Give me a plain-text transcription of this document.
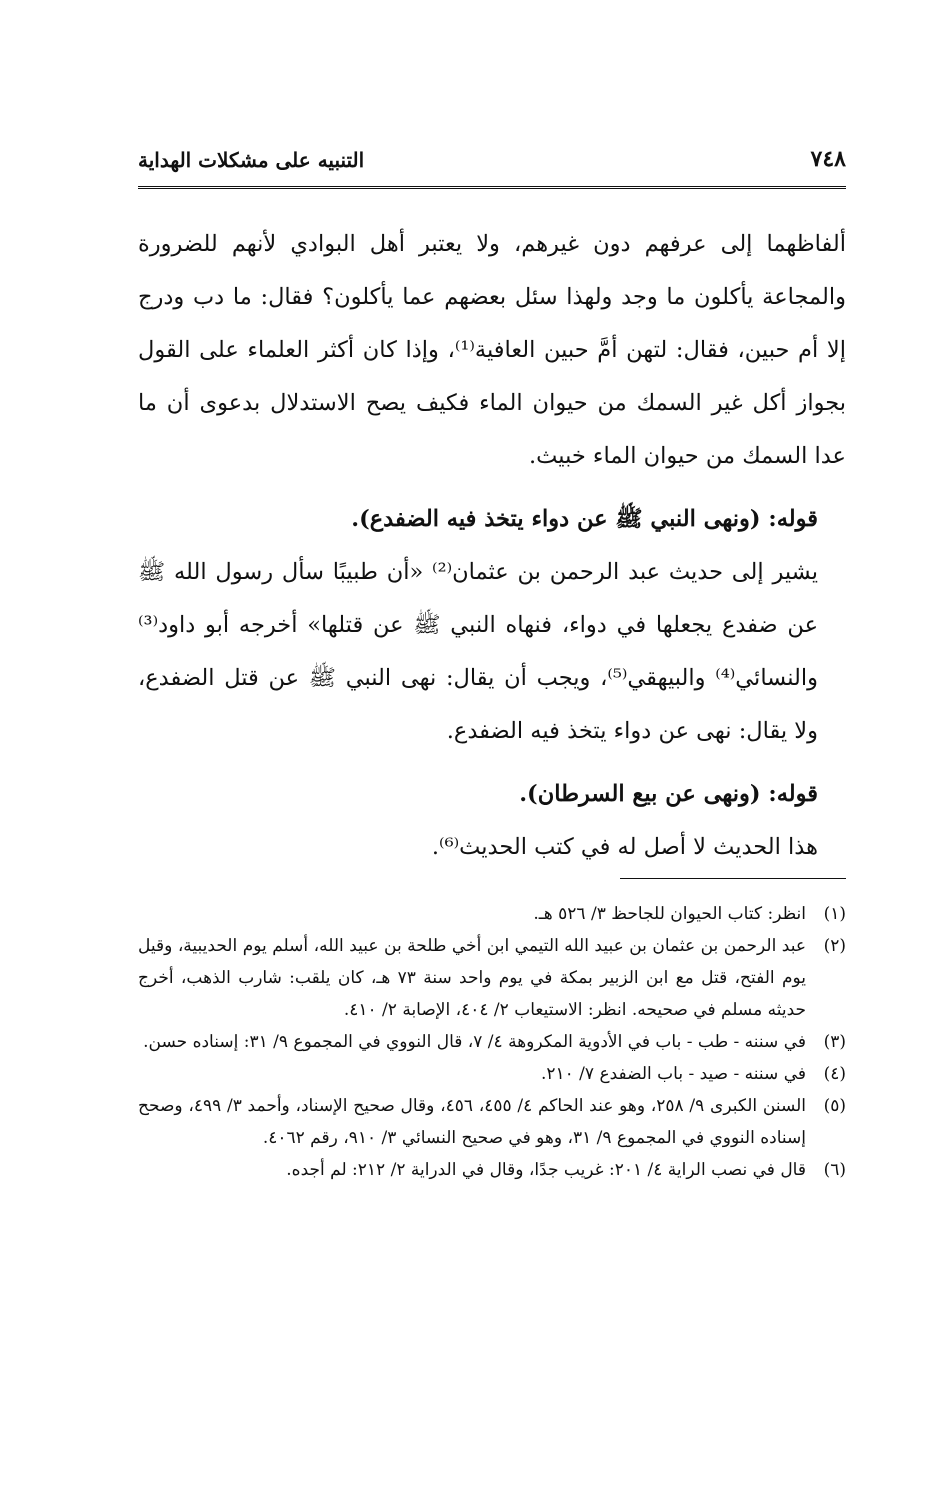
٧٤٨
التنبيه على مشكلات الهداية

ألفاظهما إلى عرفهم دون غيرهم، ولا يعتبر أهل البوادي لأنهم للضرورة والمجاعة يأكلون ما وجد ولهذا سئل بعضهم عما يأكلون؟ فقال: ما دب ودرج إلا أم حبين، فقال: لتهن أمَّ حبين العافية⁽¹⁾، وإذا كان أكثر العلماء على القول بجواز أكل غير السمك من حيوان الماء فكيف يصح الاستدلال بدعوى أن ما عدا السمك من حيوان الماء خبيث.

قوله: (ونهى النبي ﷺ عن دواء يتخذ فيه الضفدع).

يشير إلى حديث عبد الرحمن بن عثمان⁽²⁾ «أن طبيبًا سأل رسول الله ﷺ عن ضفدع يجعلها في دواء، فنهاه النبي ﷺ عن قتلها» أخرجه أبو داود⁽³⁾ والنسائي⁽⁴⁾ والبيهقي⁽⁵⁾، ويجب أن يقال: نهى النبي ﷺ عن قتل الضفدع، ولا يقال: نهى عن دواء يتخذ فيه الضفدع.

قوله: (ونهى عن بيع السرطان).

هذا الحديث لا أصل له في كتب الحديث⁽⁶⁾.

(١)
انظر: كتاب الحيوان للجاحظ ٣/ ٥٢٦ هـ.
(٢)
عبد الرحمن بن عثمان بن عبيد الله التيمي ابن أخي طلحة بن عبيد الله، أسلم يوم الحديبية، وقيل يوم الفتح، قتل مع ابن الزبير بمكة في يوم واحد سنة ٧٣ هـ، كان يلقب: شارب الذهب، أخرج حديثه مسلم في صحيحه. انظر: الاستيعاب ٢/ ٤٠٤، الإصابة ٢/ ٤١٠.
(٣)
في سننه - طب - باب في الأدوية المكروهة ٤/ ٧، قال النووي في المجموع ٩/ ٣١: إسناده حسن.
(٤)
في سننه - صيد - باب الضفدع ٧/ ٢١٠.
(٥)
السنن الكبرى ٩/ ٢٥٨، وهو عند الحاكم ٤/ ٤٥٥، ٤٥٦، وقال صحيح الإسناد، وأحمد ٣/ ٤٩٩، وصحح إسناده النووي في المجموع ٩/ ٣١، وهو في صحيح النسائي ٣/ ٩١٠، رقم ٤٠٦٢.
(٦)
قال في نصب الراية ٤/ ٢٠١: غريب جدًا، وقال في الدراية ٢/ ٢١٢: لم أجده.
